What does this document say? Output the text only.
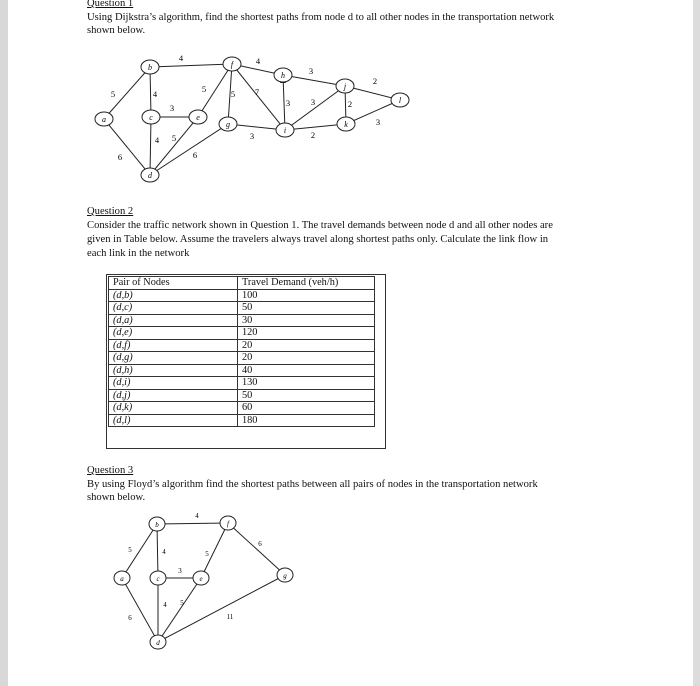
Question 1
Using Dijkstra’s algorithm, find the shortest paths from node d to all other nodes in the transportation network
shown below.
a
b
c
d
e
f
g
h
i
j
k
l
5	4
4
3
4 5
6	6
5	5 7
4
3
3
3
2
3	2
2
3
Question 2
Consider the traffic network shown in Question 1. The travel demands between node d and all other nodes are
given in Table below. Assume the travelers always travel along shortest paths only. Calculate the link flow in
each link in the network
Pair of Nodes	Travel Demand (veh/h)
(d,b)	100
(d,c)	50
(d,a)	30
(d,e)	120
(d,f)	20
(d,g)	20
(d,h)	40
(d,i)	130
(d,j)	50
(d,k)	60
(d,l)	180
Question 3
By using Floyd’s algorithm find the shortest paths between all pairs of nodes in the transportation network
shown below.
a
b
c
d
e
f
g
5	4
4
3
4 5
5
6
6
11
